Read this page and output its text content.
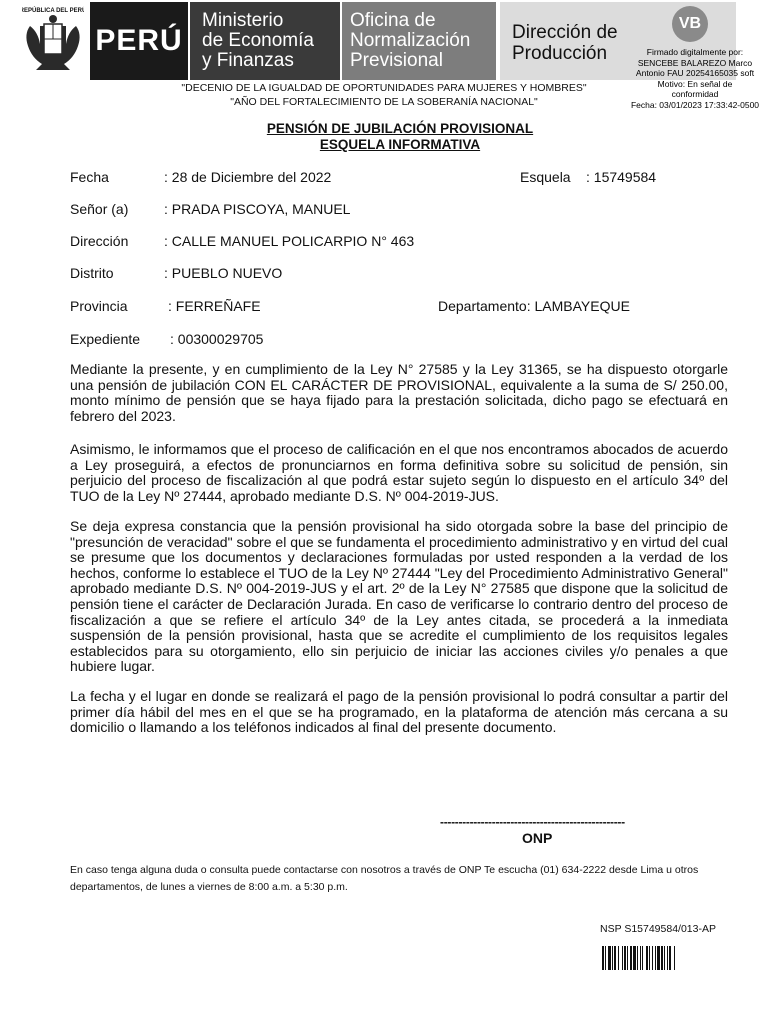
REPÚBLICA DEL PERÚ
PERÚ
Ministerio
de Economía
y Finanzas
Oficina de
Normalización
Previsional
Dirección de
Producción
VB
Firmado digitalmente por:
SENCEBE BALAREZO Marco
Antonio FAU 20254165035 soft
Motivo: En señal de
conformidad
Fecha: 03/01/2023 17:33:42-0500
"DECENIO DE LA IGUALDAD DE OPORTUNIDADES PARA MUJERES Y HOMBRES"
"AÑO DEL FORTALECIMIENTO DE LA SOBERANÍA NACIONAL"
PENSIÓN DE JUBILACIÓN PROVISIONAL
ESQUELA INFORMATIVA
Fecha	: 28 de Diciembre del 2022	Esquela : 15749584
Señor (a)	: PRADA PISCOYA, MANUEL
Dirección	: CALLE MANUEL POLICARPIO N° 463
Distrito	: PUEBLO NUEVO
Provincia	: FERREÑAFE	Departamento: LAMBAYEQUE
Expediente : 00300029705
Mediante la presente, y en cumplimiento de la Ley N° 27585 y la Ley 31365, se ha dispuesto otorgarle una pensión de jubilación CON EL CARÁCTER DE PROVISIONAL, equivalente a la suma de S/ 250.00, monto mínimo de pensión que se haya fijado para la prestación solicitada, dicho pago se efectuará en febrero del 2023.
Asimismo, le informamos que el proceso de calificación en el que nos encontramos abocados de acuerdo a Ley proseguirá, a efectos de pronunciarnos en forma definitiva sobre su solicitud de pensión, sin perjuicio del proceso de fiscalización al que podrá estar sujeto según lo dispuesto en el artículo 34º del TUO de la Ley Nº 27444, aprobado mediante D.S. Nº 004-2019-JUS.
Se deja expresa constancia que la pensión provisional ha sido otorgada sobre la base del principio de "presunción de veracidad" sobre el que se fundamenta el procedimiento administrativo y en virtud del cual se presume que los documentos y declaraciones formuladas por usted responden a la verdad de los hechos, conforme lo establece el TUO de la Ley Nº 27444 "Ley del Procedimiento Administrativo General" aprobado mediante D.S. Nº 004-2019-JUS y el art. 2º de la Ley N° 27585 que dispone que la solicitud de pensión tiene el carácter de Declaración Jurada. En caso de verificarse lo contrario dentro del proceso de fiscalización a que se refiere el artículo 34º de la Ley antes citada, se procederá a la inmediata suspensión de la pensión provisional, hasta que se acredite el cumplimiento de los requisitos legales establecidos para su otorgamiento, ello sin perjuicio de iniciar las acciones civiles y/o penales a que hubiere lugar.
La fecha y el lugar en donde se realizará el pago de la pensión provisional lo podrá consultar a partir del primer día hábil del mes en el que se ha programado, en la plataforma de atención más cercana a su domicilio o llamando a los teléfonos indicados al final del presente documento.
--------------------------------------------------
ONP
En caso tenga alguna duda o consulta puede contactarse con nosotros a través de ONP Te escucha (01) 634-2222 desde Lima u otros
departamentos, de lunes a viernes de 8:00 a.m. a 5:30 p.m.
NSP S15749584/013-AP
